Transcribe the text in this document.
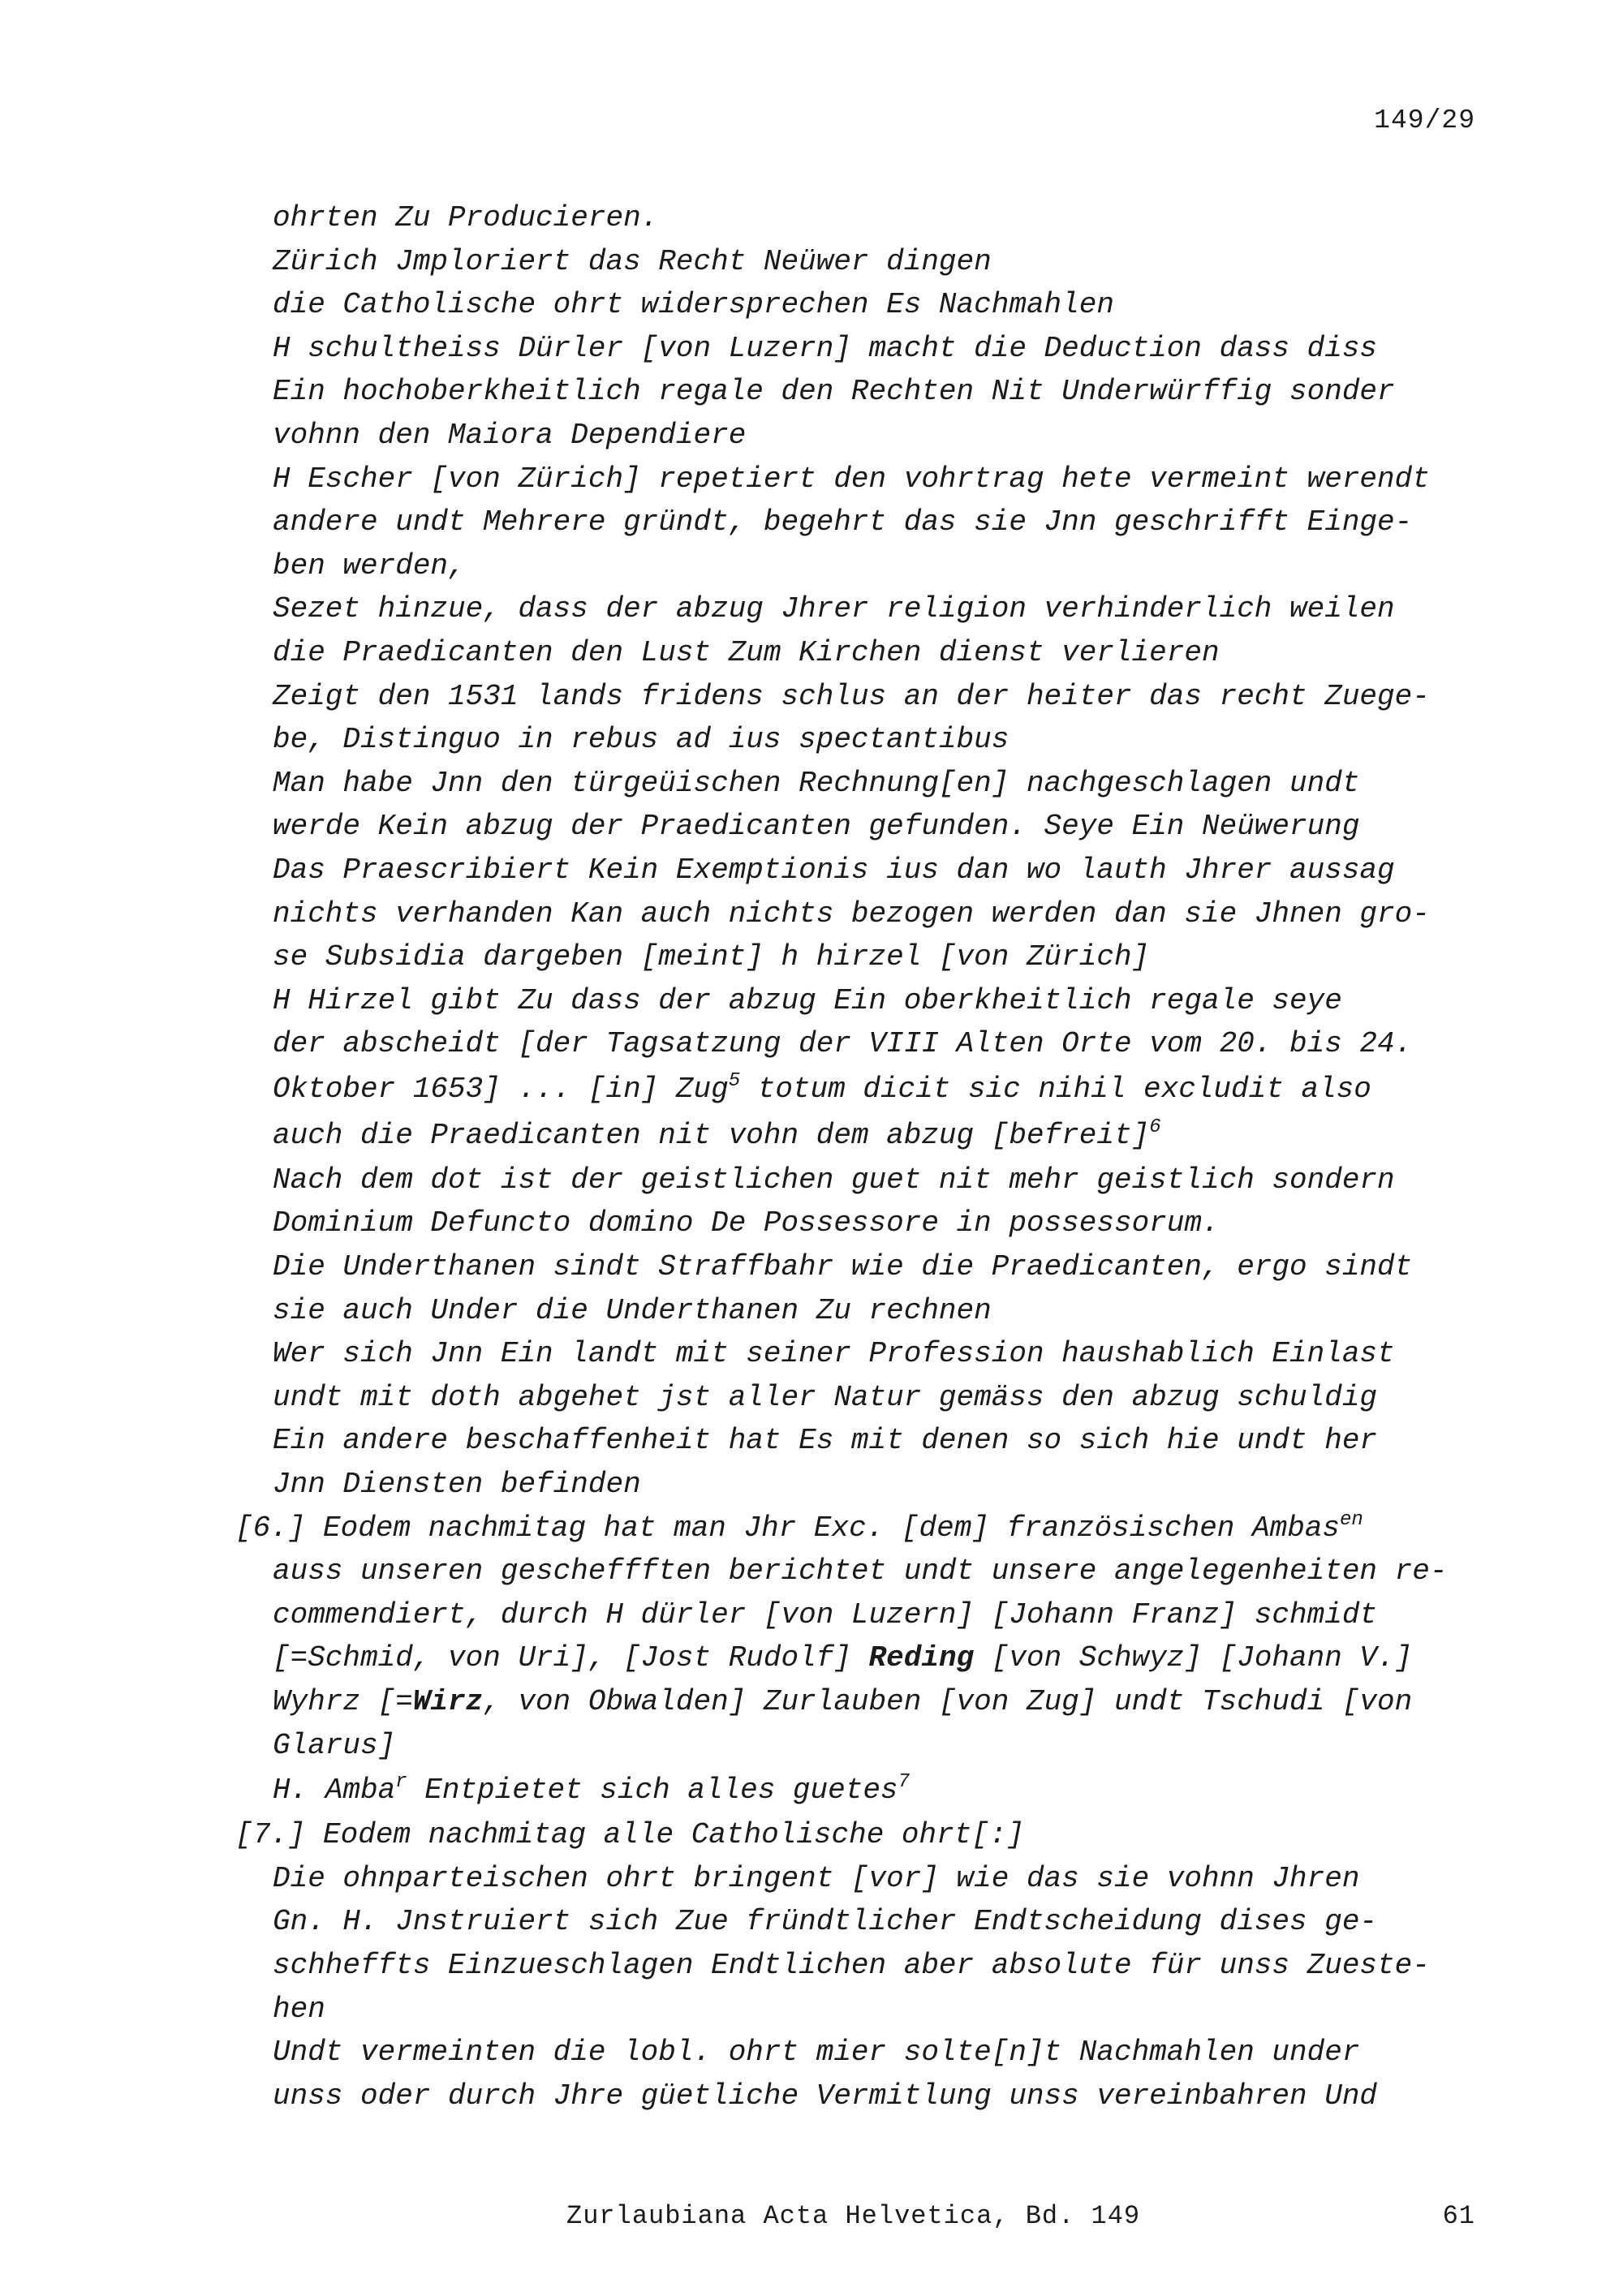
149/29
ohrten Zu Producieren.
Zürich Jmploriert das Recht Neüwer dingen
die Catholische ohrt widersprechen Es Nachmahlen
H schultheiss Dürler [von Luzern] macht die Deduction dass diss
Ein hochoberkheitlich regale den Rechten Nit Underwürffig sonder
vohnn den Maiora Dependiere
H Escher [von Zürich] repetiert den vohrtrag hete vermeint werendt
andere undt Mehrere gründt, begehrt das sie Jnn geschrifft Einge-
ben werden,
Sezet hinzue, dass der abzug Jhrer religion verhinderlich weilen
die Praedicanten den Lust Zum Kirchen dienst verlieren
Zeigt den 1531 lands fridens schlus an der heiter das recht Zuege-
be, Distinguo in rebus ad ius spectantibus
Man habe Jnn den türgeüischen Rechnung[en] nachgeschlagen undt
werde Kein abzug der Praedicanten gefunden. Seye Ein Neüwerung
Das Praescribiert Kein Exemptionis ius dan wo lauth Jhrer aussag
nichts verhanden Kan auch nichts bezogen werden dan sie Jhnen gro-
se Subsidia dargeben [meint] h hirzel [von Zürich]
H Hirzel gibt Zu dass der abzug Ein oberkheitlich regale seye
der abscheidt [der Tagsatzung der VIII Alten Orte vom 20. bis 24.
Oktober 1653] ... [in] Zug$^5$ totum dicit sic nihil excludit also
auch die Praedicanten nit vohn dem abzug [befreit]$^6$
Nach dem dot ist der geistlichen guet nit mehr geistlich sondern
Dominium Defuncto domino De Possessore in possessorum.
Die Underthanen sindt Straffbahr wie die Praedicanten, ergo sindt
sie auch Under die Underthanen Zu rechnen
Wer sich Jnn Ein landt mit seiner Profession haushablich Einlast
undt mit doth abgehet jst aller Natur gemäss den abzug schuldig
Ein andere beschaffenheit hat Es mit denen so sich hie undt her
Jnn Diensten befinden
[6.] Eodem nachmitag hat man Jhr Exc. [dem] französischen Ambas$^{en}$
auss unseren gescheffften berichtet undt unsere angelegenheiten re-
commendiert, durch H dürler [von Luzern] [Johann Franz] schmidt
[=Schmid, von Uri], [Jost Rudolf] Reding [von Schwyz] [Johann V.]
Wyhrz [=Wirz, von Obwalden] Zurlauben [von Zug] undt Tschudi [von
Glarus]
H. Amba$^r$ Entpietet sich alles guetes$^7$
[7.] Eodem nachmitag alle Catholische ohrt[:]
Die ohnparteischen ohrt bringent [vor] wie das sie vohnn Jhren
Gn. H. Jnstruiert sich Zue fründtlicher Endtscheidung dises ge-
schheffts Einzueschlagen Endtlichen aber absolute für unss Zueste-
hen
Undt vermeinten die lobl. ohrt mier solte[n]t Nachmahlen under
unss oder durch Jhre güetliche Vermitlung unss vereinbahren Und
Zurlaubiana Acta Helvetica, Bd. 149	61
